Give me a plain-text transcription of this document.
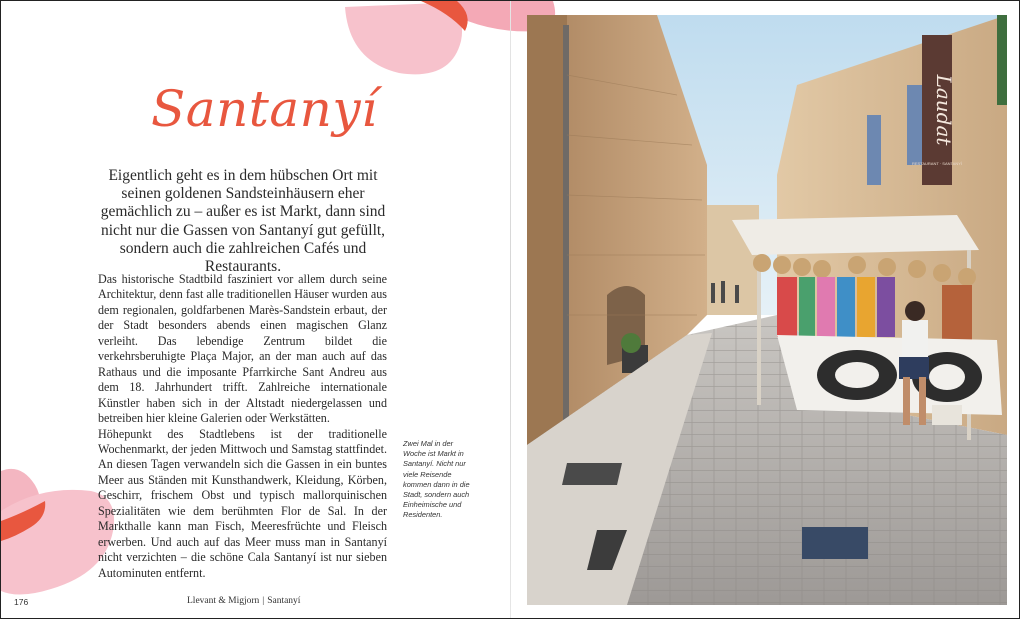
Santanyí
Eigentlich geht es in dem hübschen Ort mit seinen goldenen Sandsteinhäusern eher gemächlich zu – außer es ist Markt, dann sind nicht nur die Gassen von Santanyí gut gefüllt, sondern auch die zahlreichen Cafés und Restaurants.

Das historische Stadtbild fasziniert vor allem durch seine Architektur, denn fast alle traditionellen Häuser wurden aus dem regionalen, goldfarbenen Marès-Sandstein erbaut, der der Stadt besonders abends einen magischen Glanz verleiht. Das lebendige Zentrum bildet die verkehrsberuhigte Plaça Major, an der man auch auf das Rathaus und die imposante Pfarrkirche Sant Andreu aus dem 18. Jahrhundert trifft. Zahlreiche internationale Künstler haben sich in der Altstadt niedergelassen und betreiben hier kleine Galerien oder Werkstätten.

Höhepunkt des Stadtlebens ist der traditionelle Wochenmarkt, der jeden Mittwoch und Samstag stattfindet. An diesen Tagen verwandeln sich die Gassen in ein buntes Meer aus Ständen mit Kunsthandwerk, Kleidung, Körben, Geschirr, frischem Obst und typisch mallorquinischen Spezialitäten wie dem berühmten Flor de Sal. In der Markthalle kann man Fisch, Meeresfrüchte und Fleisch erwerben. Und auch auf das Meer muss man in Santanyí nicht verzichten – die schöne Cala Santanyí ist nur sieben Autominuten entfernt.

Zwei Mal in der Woche ist Markt in Santanyí. Nicht nur viele Reisende kommen dann in die Stadt, sondern auch Einheimische und Residenten.
176	Llevant & Migjorn | Santanyí
Laudat
RESTAURANT · SANTANYÍ
